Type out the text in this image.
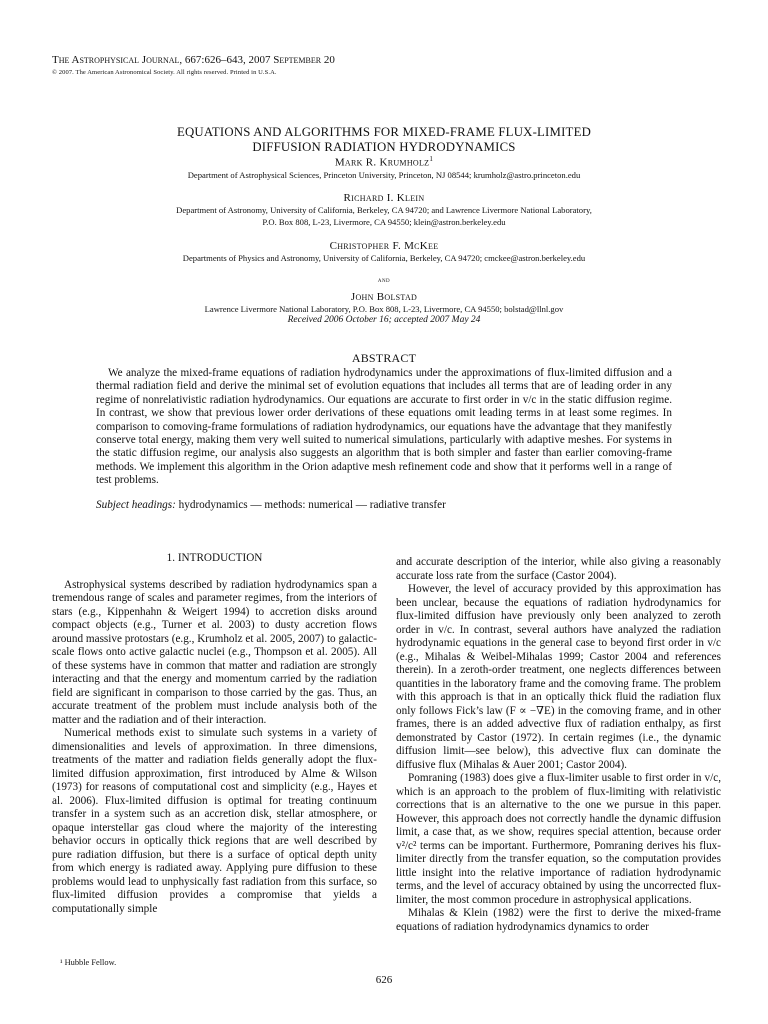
The Astrophysical Journal, 667:626–643, 2007 September 20
© 2007. The American Astronomical Society. All rights reserved. Printed in U.S.A.
EQUATIONS AND ALGORITHMS FOR MIXED-FRAME FLUX-LIMITED
DIFFUSION RADIATION HYDRODYNAMICS
Mark R. Krumholz$^1$
Department of Astrophysical Sciences, Princeton University, Princeton, NJ 08544; krumholz@astro.princeton.edu
Richard I. Klein
Department of Astronomy, University of California, Berkeley, CA 94720; and Lawrence Livermore National Laboratory,
P.O. Box 808, L-23, Livermore, CA 94550; klein@astron.berkeley.edu
Christopher F. McKee
Departments of Physics and Astronomy, University of California, Berkeley, CA 94720; cmckee@astron.berkeley.edu
and
John Bolstad
Lawrence Livermore National Laboratory, P.O. Box 808, L-23, Livermore, CA 94550; bolstad@llnl.gov
Received 2006 October 16; accepted 2007 May 24
ABSTRACT
We analyze the mixed-frame equations of radiation hydrodynamics under the approximations of flux-limited diffusion and a thermal radiation field and derive the minimal set of evolution equations that includes all terms that are of leading order in any regime of nonrelativistic radiation hydrodynamics. Our equations are accurate to first order in v/c in the static diffusion regime. In contrast, we show that previous lower order derivations of these equations omit leading terms in at least some regimes. In comparison to comoving-frame formulations of radiation hydrodynamics, our equations have the advantage that they manifestly conserve total energy, making them very well suited to numerical simulations, particularly with adaptive meshes. For systems in the static diffusion regime, our analysis also suggests an algorithm that is both simpler and faster than earlier comoving-frame methods. We implement this algorithm in the Orion adaptive mesh refinement code and show that it performs well in a range of test problems.
Subject headings: hydrodynamics — methods: numerical — radiative transfer
1. INTRODUCTION

Astrophysical systems described by radiation hydrodynamics span a tremendous range of scales and parameter regimes, from the interiors of stars (e.g., Kippenhahn & Weigert 1994) to accretion disks around compact objects (e.g., Turner et al. 2003) to dusty accretion flows around massive protostars (e.g., Krumholz et al. 2005, 2007) to galactic-scale flows onto active galactic nuclei (e.g., Thompson et al. 2005). All of these systems have in common that matter and radiation are strongly interacting and that the energy and momentum carried by the radiation field are significant in comparison to those carried by the gas. Thus, an accurate treatment of the problem must include analysis both of the matter and the radiation and of their interaction.

Numerical methods exist to simulate such systems in a variety of dimensionalities and levels of approximation. In three dimensions, treatments of the matter and radiation fields generally adopt the flux-limited diffusion approximation, first introduced by Alme & Wilson (1973) for reasons of computational cost and simplicity (e.g., Hayes et al. 2006). Flux-limited diffusion is optimal for treating continuum transfer in a system such as an accretion disk, stellar atmosphere, or opaque interstellar gas cloud where the majority of the interesting behavior occurs in optically thick regions that are well described by pure radiation diffusion, but there is a surface of optical depth unity from which energy is radiated away. Applying pure diffusion to these problems would lead to unphysically fast radiation from this surface, so flux-limited diffusion provides a compromise that yields a computationally simple

and accurate description of the interior, while also giving a reasonably accurate loss rate from the surface (Castor 2004).

However, the level of accuracy provided by this approximation has been unclear, because the equations of radiation hydrodynamics for flux-limited diffusion have previously only been analyzed to zeroth order in v/c. In contrast, several authors have analyzed the radiation hydrodynamic equations in the general case to beyond first order in v/c (e.g., Mihalas & Weibel-Mihalas 1999; Castor 2004 and references therein). In a zeroth-order treatment, one neglects differences between quantities in the laboratory frame and the comoving frame. The problem with this approach is that in an optically thick fluid the radiation flux only follows Fick’s law (F ∝ −∇E) in the comoving frame, and in other frames, there is an added advective flux of radiation enthalpy, as first demonstrated by Castor (1972). In certain regimes (i.e., the dynamic diffusion limit—see below), this advective flux can dominate the diffusive flux (Mihalas & Auer 2001; Castor 2004).

Pomraning (1983) does give a flux-limiter usable to first order in v/c, which is an approach to the problem of flux-limiting with relativistic corrections that is an alternative to the one we pursue in this paper. However, this approach does not correctly handle the dynamic diffusion limit, a case that, as we show, requires special attention, because order v²/c² terms can be important. Furthermore, Pomraning derives his flux-limiter directly from the transfer equation, so the computation provides little insight into the relative importance of radiation hydrodynamic terms, and the level of accuracy obtained by using the uncorrected flux-limiter, the most common procedure in astrophysical applications.

Mihalas & Klein (1982) were the first to derive the mixed-frame equations of radiation hydrodynamics dynamics to order

¹ Hubble Fellow.
626
